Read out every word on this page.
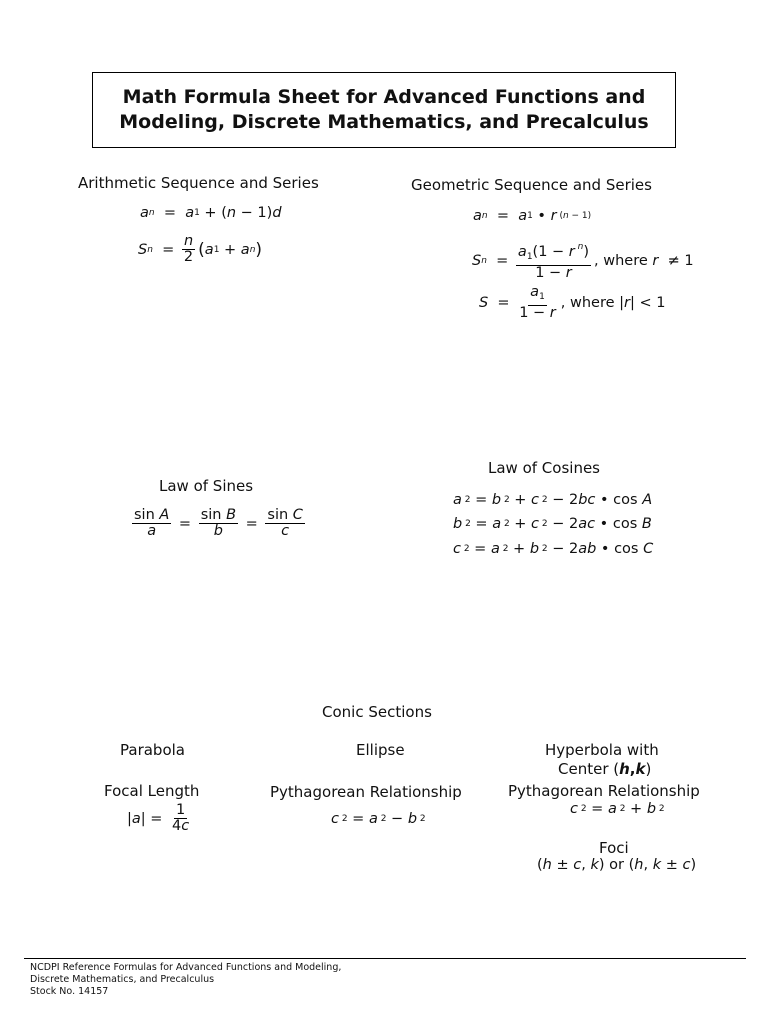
Math Formula Sheet for Advanced Functions and
Modeling, Discrete Mathematics, and Precalculus
Arithmetic Sequence and Series
a n = a 1 + ( n − 1) d
S $n = \frac{n}{2}$ ( a 1 + a n )
Geometric Sequence and Series
a n = a 1 • r (n − 1)
S $n = \frac{a_1(1 - r ^n)}{1 - r}$ , where
r ≠ 1
$S = \frac{a_1}{1 - r}$ , where | r | < 1
Law of Sines
$\frac{\text{sin A}}{a} = \frac{\text{sin B}}{b} = \frac{\text{sin C}}{c}$
Law of Cosines
a 2 = b 2 + c 2 − 2 bc • cos A
b 2 = a 2 + c 2 − 2 ac • cos B
c 2 = a 2 + b 2 − 2 ab • cos C
Conic Sections
Parabola
Focal Length
| a | = $\frac{1}{4c}$
Ellipse
Pythagorean Relationship
c 2 = a 2 − b 2
Hyperbola with
Center (h,k)
Pythagorean Relationship
c 2 = a 2 + b 2
Foci
( h ± c , k ) or ( h , k ± c )
NCDPI Reference Formulas for Advanced Functions and Modeling,
Discrete Mathematics, and Precalculus
Stock No. 14157
